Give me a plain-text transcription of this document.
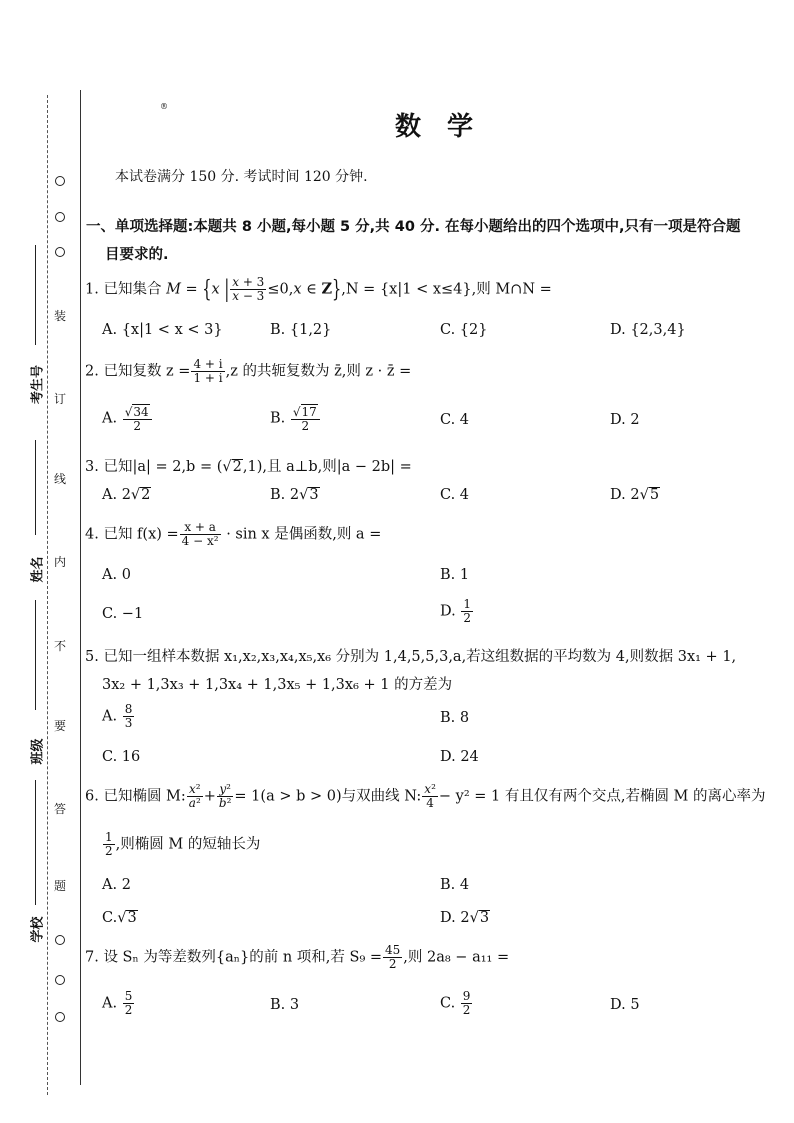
装
订
线
内
不
要
答
题
考生号
姓名
班级
学校
®
数　学
本试卷满分 150 分. 考试时间 120 分钟.
一、单项选择题:本题共 8 小题,每小题 5 分,共 40 分. 在每小题给出的四个选项中,只有一项是符合题
目要求的.
1. 已知集合 M = {x | $\frac{x + 3}{x - 3} \le 0,x$ ∈ Z},N = {x|1 < x≤4},则 M∩N =
A. {x|1 < x < 3}	B. {1,2}	C. {2}	D. {2,3,4}
2. 已知复数 $z = \frac{4 + i}{1 + i} ,z$ 的共轭复数为 z̄,则 z · z̄ =
A. $\frac{√34}{2}$	B. $\frac{√17}{2}$	C. 4	D. 2
3. 已知|a| = 2,b = (√2,1),且 a⊥b,则|a − 2b| =
A. 2√2	B. 2√3	C. 4	D. 2√5
4. 已知 $f(x) = \frac{x + a}{\text{4 − x²}} \cdot \sin x$ 是偶函数,则 a =
A. 0	B. 1
C. −1	D. $\frac{1}{2}$
5. 已知一组样本数据 x₁,x₂,x₃,x₄,x₅,x₆ 分别为 1,4,5,5,3,a,若这组数据的平均数为 4,则数据 3x₁ + 1,
3x₂ + 1,3x₃ + 1,3x₄ + 1,3x₅ + 1,3x₆ + 1 的方差为
A. $\frac{8}{3}$	B. 8
C. 16	D. 24
6. 已知椭圆 M: $\frac{\text{x²}}{\text{a²}} + \frac{\text{y²}}{\text{b²}} = 1(a > b > 0)$与双曲线 N: $\frac{\text{x²}}{4} - y^2 = 1$ 有且仅有两个交点,若椭圆 M 的离心率为
$\frac{1}{2}$ ,则椭圆 M 的短轴长为
A. 2	B. 4
C.√3	D. 2√3
7. 设 Sₙ 为等差数列{aₙ}的前 n 项和,若 $S_9 = \frac{45}{2}$ ,则 2a₈ − a₁₁ =
A. $\frac{5}{2}$	B. 3	C. $\frac{9}{2}$	D. 5
